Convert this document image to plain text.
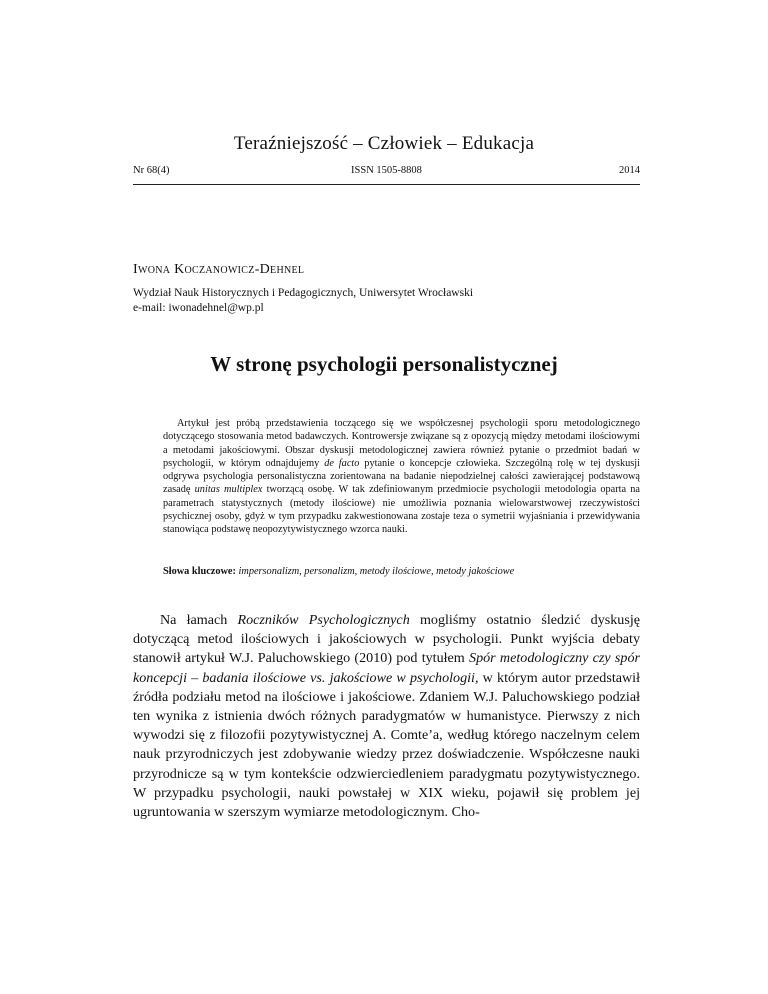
Teraźniejszość – Człowiek – Edukacja
Nr 68(4)	ISSN 1505-8808	2014
Iwona Koczanowicz-Dehnel
Wydział Nauk Historycznych i Pedagogicznych, Uniwersytet Wrocławski
e-mail: iwonadehnel@wp.pl
W stronę psychologii personalistycznej

Artykuł jest próbą przedstawienia toczącego się we współczesnej psychologii sporu metodologicznego dotyczącego stosowania metod badawczych. Kontrowersje związane są z opozycją między metodami ilościowymi a metodami jakościowymi. Obszar dyskusji metodologicznej zawiera również pytanie o przedmiot badań w psychologii, w którym odnajdujemy de facto pytanie o koncepcje człowieka. Szczególną rolę w tej dyskusji odgrywa psychologia personalistyczna zorientowana na badanie niepodzielnej całości zawierającej podstawową zasadę unitas multiplex tworzącą osobę. W tak zdefiniowanym przedmiocie psychologii metodologia oparta na parametrach statystycznych (metody ilościowe) nie umożliwia poznania wielowarstwowej rzeczywistości psychicznej osoby, gdyż w tym przypadku zakwestionowana zostaje teza o symetrii wyjaśniania i przewidywania stanowiąca podstawę neopozytywistycznego wzorca nauki.

Słowa kluczowe: impersonalizm, personalizm, metody ilościowe, metody jakościowe

Na łamach Roczników Psychologicznych mogliśmy ostatnio śledzić dyskusję dotyczącą metod ilościowych i jakościowych w psychologii. Punkt wyjścia debaty stanowił artykuł W.J. Paluchowskiego (2010) pod tytułem Spór metodologiczny czy spór koncepcji – badania ilościowe vs. jakościowe w psychologii, w którym autor przedstawił źródła podziału metod na ilościowe i jakościowe. Zdaniem W.J. Paluchowskiego podział ten wynika z istnienia dwóch różnych paradygmatów w humanistyce. Pierwszy z nich wywodzi się z filozofii pozytywistycznej A. Comte’a, według którego naczelnym celem nauk przyrodniczych jest zdobywanie wiedzy przez doświadczenie. Współczesne nauki przyrodnicze są w tym kontekście odzwierciedleniem paradygmatu pozytywistycznego. W przypadku psychologii, nauki powstałej w XIX wieku, pojawił się problem jej ugruntowania w szerszym wymiarze metodologicznym. Cho-
